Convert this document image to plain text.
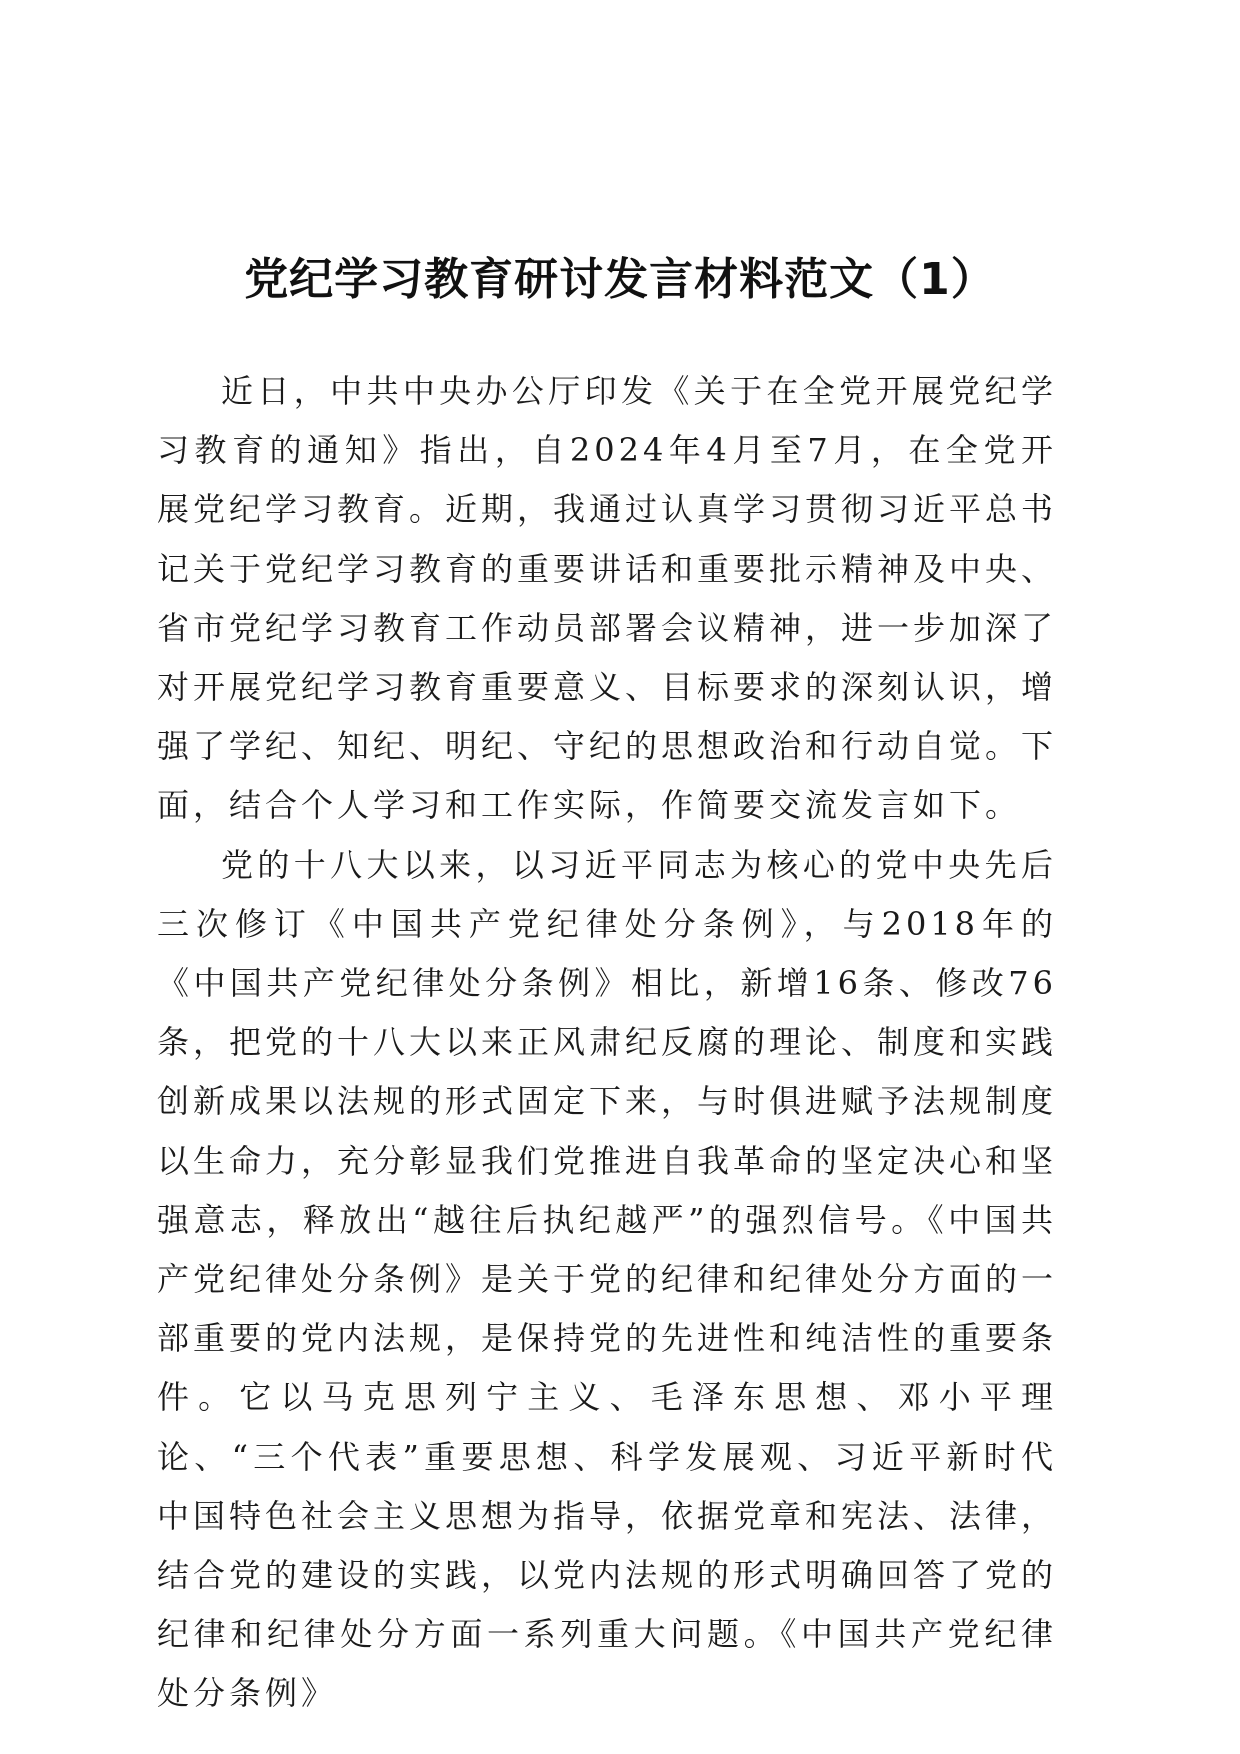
党纪学习教育研讨发言材料范文（1）

近日，中共中央办公厅印发《关于在全党开展党纪学习教育的通知》指出，自2024年4月至7月，在全党开展党纪学习教育。近期，我通过认真学习贯彻习近平总书记关于党纪学习教育的重要讲话和重要批示精神及中央、省市党纪学习教育工作动员部署会议精神，进一步加深了对开展党纪学习教育重要意义、目标要求的深刻认识，增强了学纪、知纪、明纪、守纪的思想政治和行动自觉。下面，结合个人学习和工作实际，作简要交流发言如下。

党的十八大以来，以习近平同志为核心的党中央先后三次修订《中国共产党纪律处分条例》，与2018年的《中国共产党纪律处分条例》相比，新增16条、修改76条，把党的十八大以来正风肃纪反腐的理论、制度和实践创新成果以法规的形式固定下来，与时俱进赋予法规制度以生命力，充分彰显我们党推进自我革命的坚定决心和坚强意志，释放出“越往后执纪越严”的强烈信号。《中国共产党纪律处分条例》是关于党的纪律和纪律处分方面的一部重要的党内法规，是保持党的先进性和纯洁性的重要条件。它以马克思列宁主义、毛泽东思想、邓小平理论、“三个代表”重要思想、科学发展观、习近平新时代中国特色社会主义思想为指导，依据党章和宪法、法律，结合党的建设的实践，以党内法规的形式明确回答了党的纪律和纪律处分方面一系列重大问题。《中国共产党纪律处分条例》
